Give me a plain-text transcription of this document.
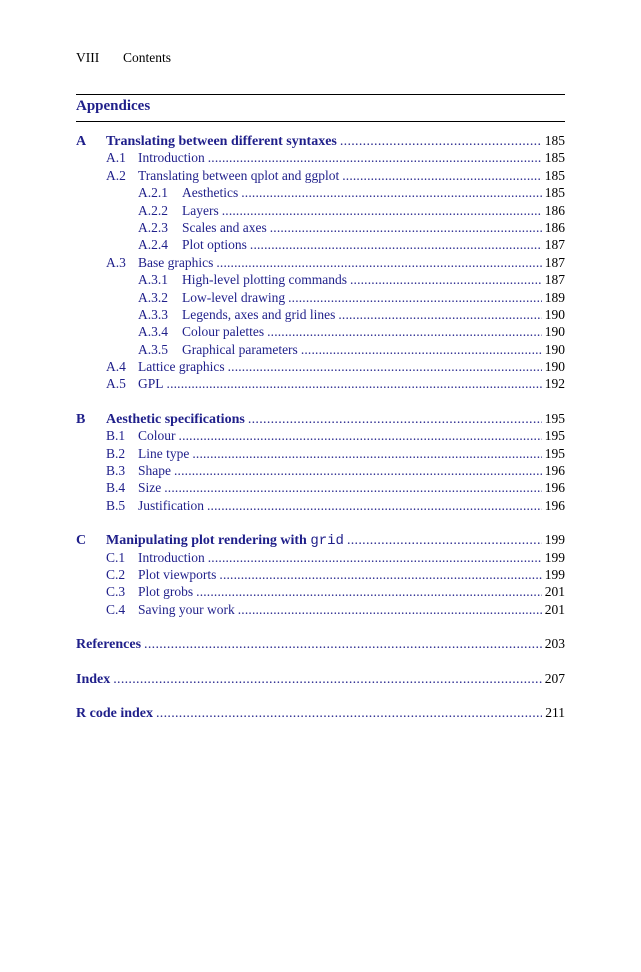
VIII Contents
Appendices
A	Translating between different syntaxes . . .	185
A.1 Introduction . . .	185
A.2 Translating between qplot and ggplot . . .	185
A.2.1	Aesthetics . . .	185
A.2.2	Layers . . .	186
A.2.3	Scales and axes . . .	186
A.2.4	Plot options . . .	187
A.3 Base graphics . . .	187
A.3.1	High-level plotting commands . . .	187
A.3.2	Low-level drawing . . .	189
A.3.3	Legends, axes and grid lines . . .	190
A.3.4	Colour palettes . . .	190
A.3.5	Graphical parameters . . .	190
A.4 Lattice graphics . . .	190
A.5 GPL . . .	192
B	Aesthetic specifications . . .	195
B.1 Colour . . .	195
B.2 Line type . . .	195
B.3 Shape . . .	196
B.4 Size . . .	196
B.5 Justification . . .	196
C	Manipulating plot rendering with grid . . .	199
C.1 Introduction . . .	199
C.2 Plot viewports . . .	199
C.3 Plot grobs . . .	201
C.4 Saving your work . . .	201
References . . .	203
Index . . .	207
R code index . . .	211
